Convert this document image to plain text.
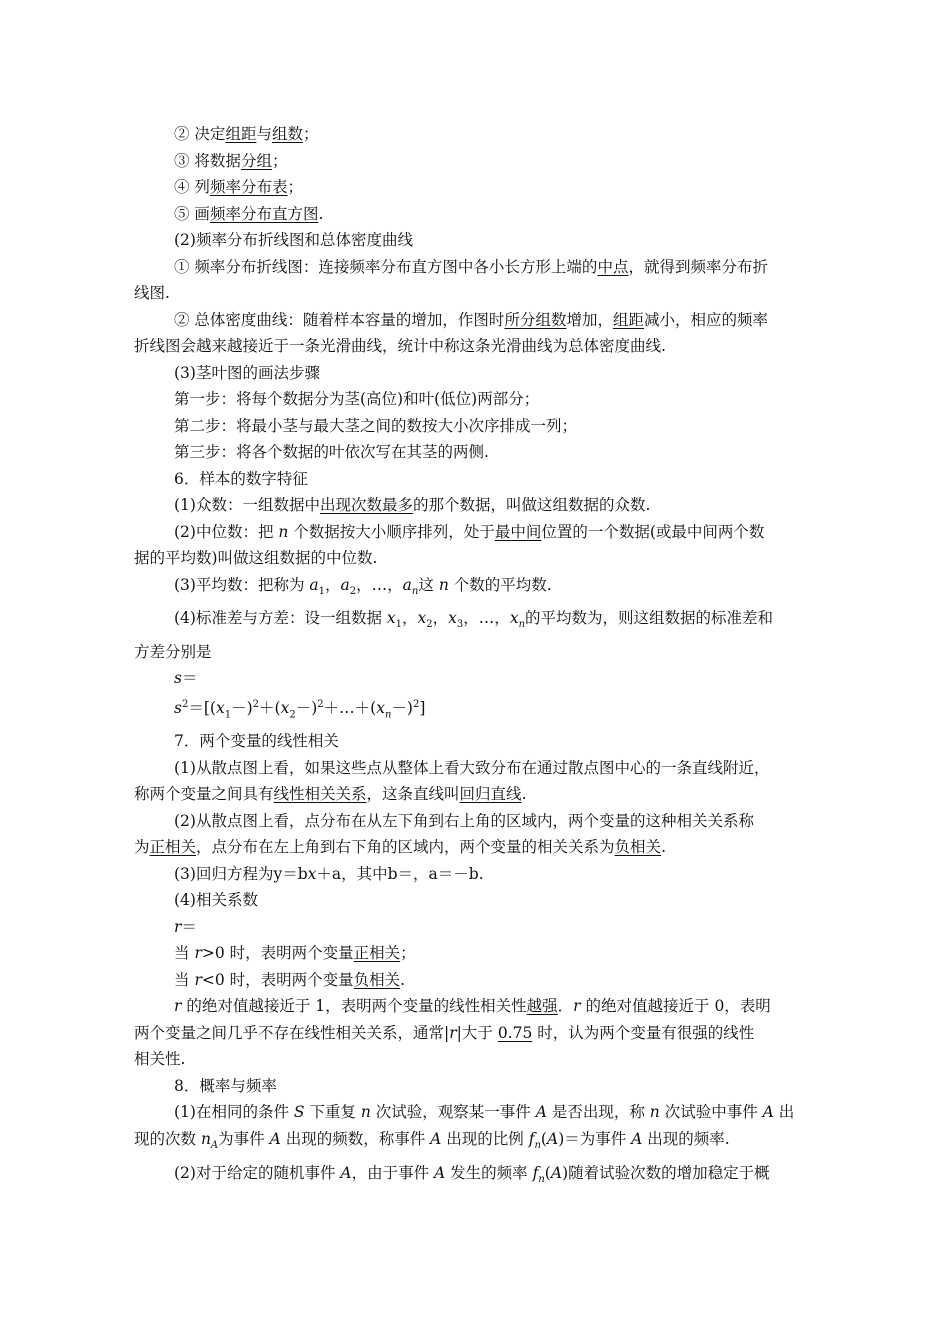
② 决定组距与组数；

③ 将数据分组；

④ 列频率分布表；

⑤ 画频率分布直方图.

(2)频率分布折线图和总体密度曲线

① 频率分布折线图：连接频率分布直方图中各小长方形上端的中点，就得到频率分布折

线图.

② 总体密度曲线：随着样本容量的增加，作图时所分组数增加，组距减小，相应的频率

折线图会越来越接近于一条光滑曲线，统计中称这条光滑曲线为总体密度曲线.

(3)茎叶图的画法步骤

第一步：将每个数据分为茎(高位)和叶(低位)两部分；

第二步：将最小茎与最大茎之间的数按大小次序排成一列；

第三步：将各个数据的叶依次写在其茎的两侧.

6．样本的数字特征

(1)众数：一组数据中出现次数最多的那个数据，叫做这组数据的众数.

(2)中位数：把 n 个数据按大小顺序排列，处于最中间位置的一个数据(或最中间两个数

据的平均数)叫做这组数据的中位数.

(3)平均数：把称为 $a_1$，$a_2$，…，$a_n$这 n 个数的平均数.

(4)标准差与方差：设一组数据 $x_1$，$x_2$，$x_3$，…，$x_n$的平均数为，则这组数据的标准差和

方差分别是

s＝

$s^2=[(x_1-)^2+(x_2-)^2+\dots+(x_n-)^2]$

7．两个变量的线性相关

(1)从散点图上看，如果这些点从整体上看大致分布在通过散点图中心的一条直线附近，

称两个变量之间具有线性相关关系，这条直线叫回归直线.

(2)从散点图上看，点分布在从左下角到右上角的区域内，两个变量的这种相关关系称

为正相关，点分布在左上角到右下角的区域内，两个变量的相关关系为负相关.

(3)回归方程为y＝bx＋a，其中b＝，a＝－b.

(4)相关系数

r＝

当 r>0 时，表明两个变量正相关；

当 r<0 时，表明两个变量负相关.

r 的绝对值越接近于 1，表明两个变量的线性相关性越强．r 的绝对值越接近于 0，表明

两个变量之间几乎不存在线性相关关系，通常|r|大于 0.75 时，认为两个变量有很强的线性

相关性.

8．概率与频率

(1)在相同的条件 S 下重复 n 次试验，观察某一事件 A 是否出现，称 n 次试验中事件 A 出

现的次数 $n_A$为事件 A 出现的频数，称事件 A 出现的比例 $f_n(A)=$为事件 A 出现的频率.

(2)对于给定的随机事件 A，由于事件 A 发生的频率 $f_n(A)$随着试验次数的增加稳定于概
